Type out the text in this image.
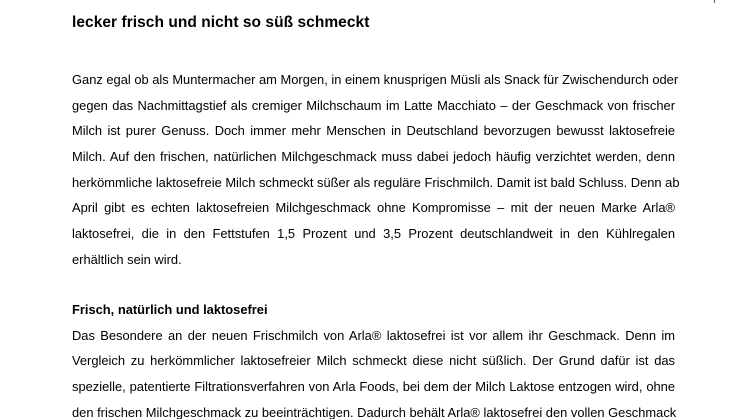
lecker frisch und nicht so süß schmeckt
Ganz egal ob als Muntermacher am Morgen, in einem knusprigen Müsli als Snack für Zwischendurch oder
gegen das Nachmittagstief als cremiger Milchschaum im Latte Macchiato – der Geschmack von frischer
Milch ist purer Genuss. Doch immer mehr Menschen in Deutschland bevorzugen bewusst laktosefreie
Milch. Auf den frischen, natürlichen Milchgeschmack muss dabei jedoch häufig verzichtet werden, denn
herkömmliche laktosefreie Milch schmeckt süßer als reguläre Frischmilch. Damit ist bald Schluss. Denn ab
April gibt es echten laktosefreien Milchgeschmack ohne Kompromisse – mit der neuen Marke Arla®
laktosefrei, die in den Fettstufen 1,5 Prozent und 3,5 Prozent deutschlandweit in den Kühlregalen
erhältlich sein wird.
Frisch, natürlich und laktosefrei
Das Besondere an der neuen Frischmilch von Arla® laktosefrei ist vor allem ihr Geschmack. Denn im
Vergleich zu herkömmlicher laktosefreier Milch schmeckt diese nicht süßlich. Der Grund dafür ist das
spezielle, patentierte Filtrationsverfahren von Arla Foods, bei dem der Milch Laktose entzogen wird, ohne
den frischen Milchgeschmack zu beeinträchtigen. Dadurch behält Arla® laktosefrei den vollen Geschmack
